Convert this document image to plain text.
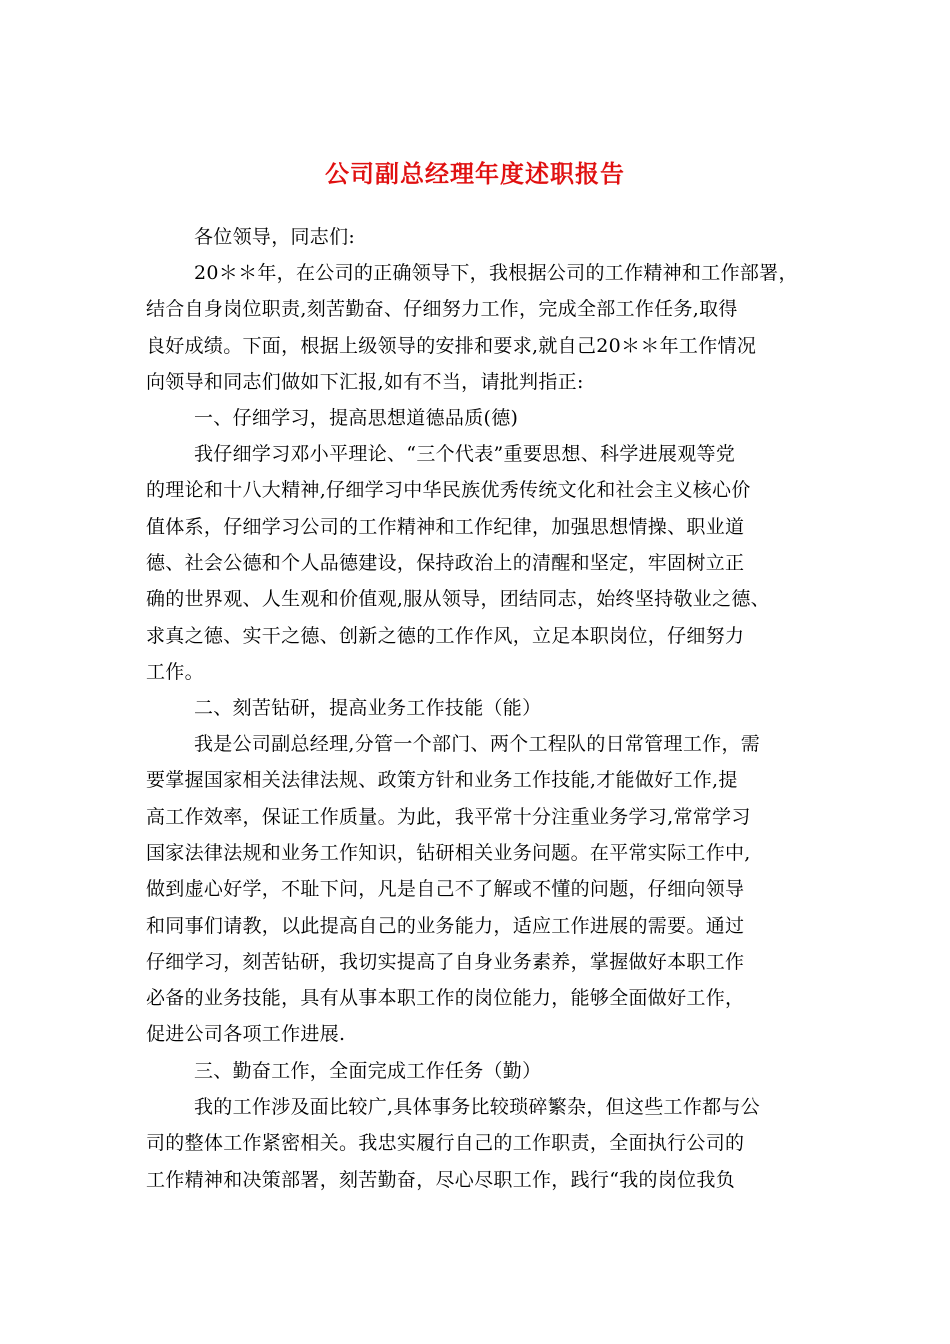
公司副总经理年度述职报告
各位领导，同志们:
20＊＊年，在公司的正确领导下，我根据公司的工作精神和工作部署，
结合自身岗位职责,刻苦勤奋、仔细努力工作，完成全部工作任务,取得
良好成绩。下面，根据上级领导的安排和要求,就自己20＊＊年工作情况
向领导和同志们做如下汇报,如有不当，请批判指正:
一、仔细学习，提高思想道德品质(德)
我仔细学习邓小平理论、“三个代表”重要思想、科学进展观等党
的理论和十八大精神,仔细学习中华民族优秀传统文化和社会主义核心价
值体系，仔细学习公司的工作精神和工作纪律，加强思想情操、职业道
德、社会公德和个人品德建设，保持政治上的清醒和坚定，牢固树立正
确的世界观、人生观和价值观,服从领导，团结同志，始终坚持敬业之德、
求真之德、实干之德、创新之德的工作作风，立足本职岗位，仔细努力
工作。
二、刻苦钻研，提高业务工作技能（能）
我是公司副总经理,分管一个部门、两个工程队的日常管理工作，需
要掌握国家相关法律法规、政策方针和业务工作技能,才能做好工作,提
高工作效率，保证工作质量。为此，我平常十分注重业务学习,常常学习
国家法律法规和业务工作知识，钻研相关业务问题。在平常实际工作中,
做到虚心好学，不耻下问，凡是自己不了解或不懂的问题，仔细向领导
和同事们请教，以此提高自己的业务能力，适应工作进展的需要。通过
仔细学习，刻苦钻研，我切实提高了自身业务素养，掌握做好本职工作
必备的业务技能，具有从事本职工作的岗位能力，能够全面做好工作，
促进公司各项工作进展.
三、勤奋工作，全面完成工作任务（勤）
我的工作涉及面比较广,具体事务比较琐碎繁杂，但这些工作都与公
司的整体工作紧密相关。我忠实履行自己的工作职责，全面执行公司的
工作精神和决策部署，刻苦勤奋，尽心尽职工作，践行“我的岗位我负
